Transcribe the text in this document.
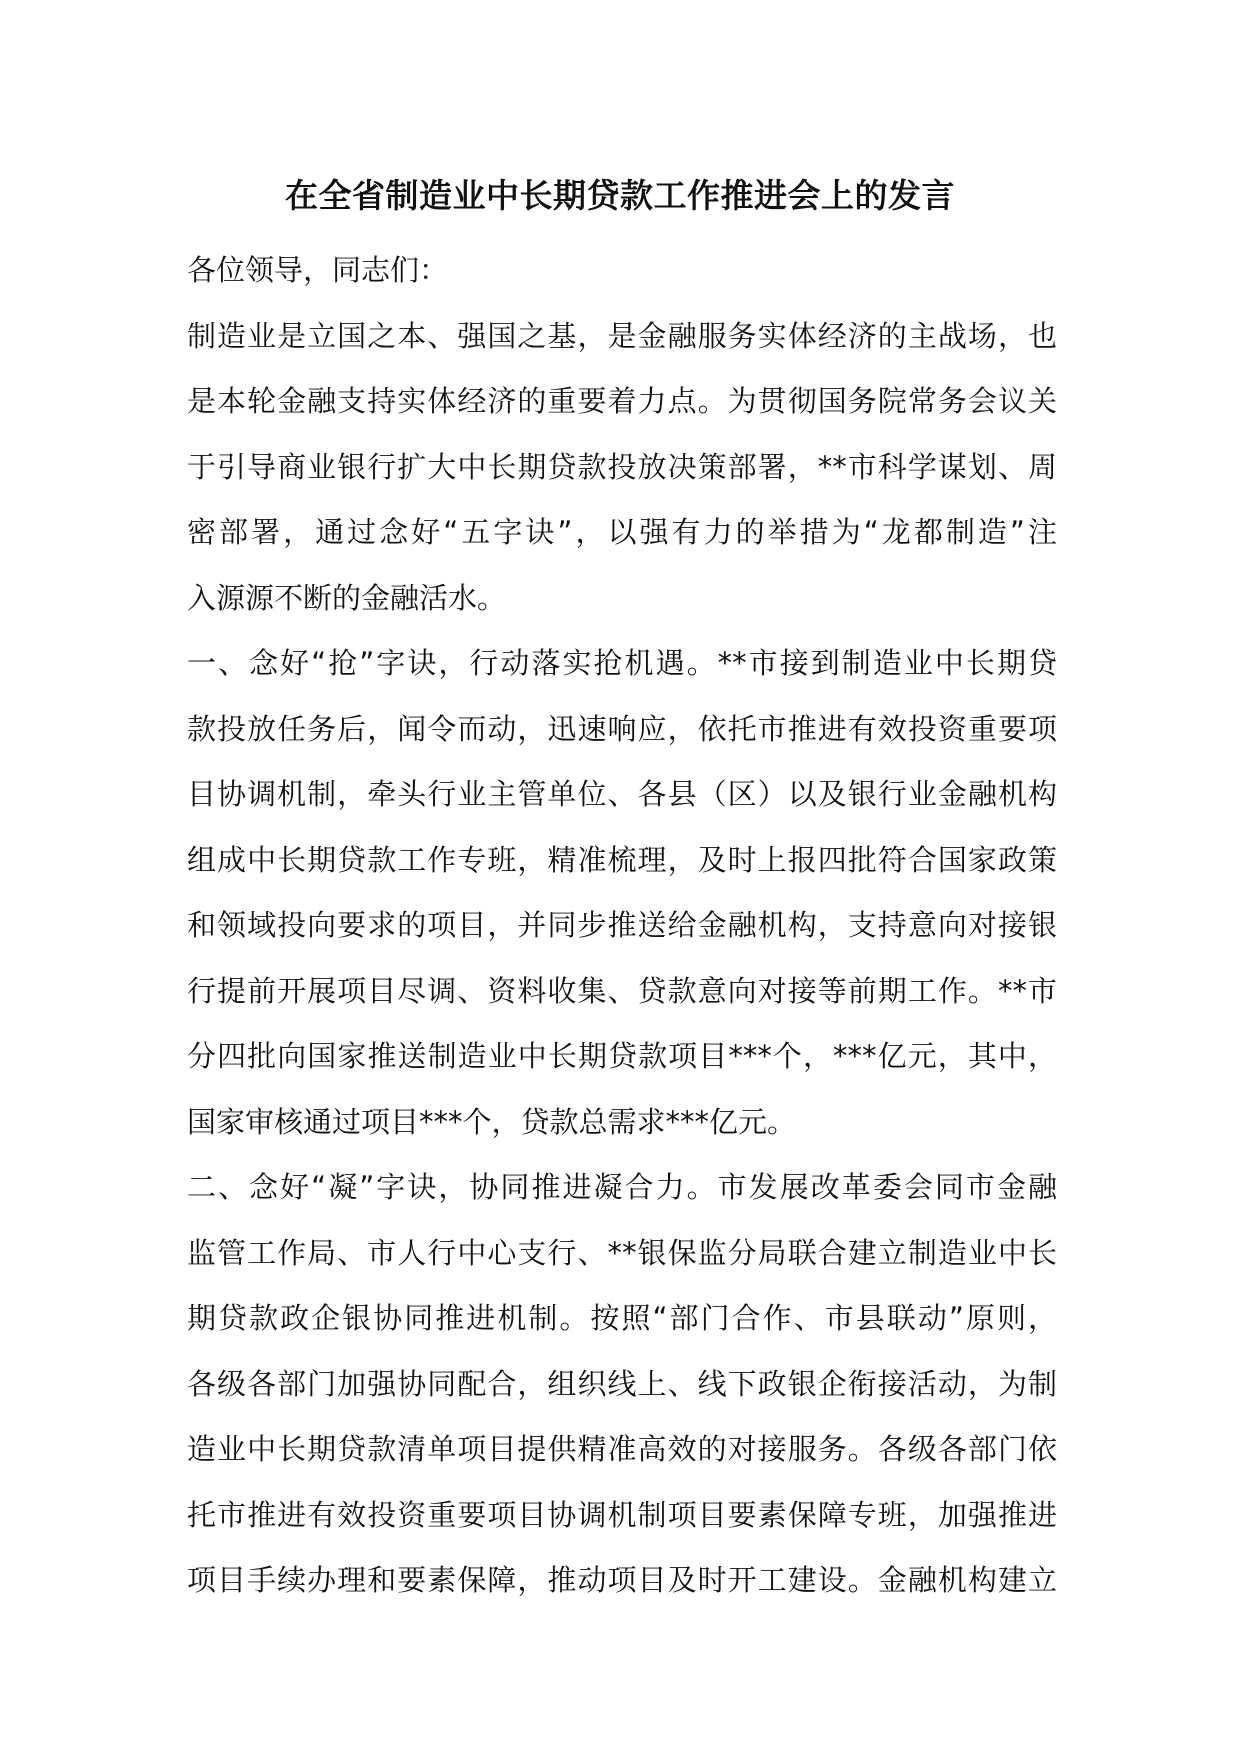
在全省制造业中长期贷款工作推进会上的发言
各位领导，同志们：
制造业是立国之本、强国之基，是金融服务实体经济的主战场，也
是本轮金融支持实体经济的重要着力点。为贯彻国务院常务会议关
于引导商业银行扩大中长期贷款投放决策部署，**市科学谋划、周
密部署，通过念好“五字诀”，以强有力的举措为“龙都制造”注
入源源不断的金融活水。
一、念好“抢”字诀，行动落实抢机遇。**市接到制造业中长期贷
款投放任务后，闻令而动，迅速响应，依托市推进有效投资重要项
目协调机制，牵头行业主管单位、各县（区）以及银行业金融机构
组成中长期贷款工作专班，精准梳理，及时上报四批符合国家政策
和领域投向要求的项目，并同步推送给金融机构，支持意向对接银
行提前开展项目尽调、资料收集、贷款意向对接等前期工作。**市
分四批向国家推送制造业中长期贷款项目***个，***亿元，其中，
国家审核通过项目***个，贷款总需求***亿元。
二、念好“凝”字诀，协同推进凝合力。市发展改革委会同市金融
监管工作局、市人行中心支行、**银保监分局联合建立制造业中长
期贷款政企银协同推进机制。按照“部门合作、市县联动”原则，
各级各部门加强协同配合，组织线上、线下政银企衔接活动，为制
造业中长期贷款清单项目提供精准高效的对接服务。各级各部门依
托市推进有效投资重要项目协调机制项目要素保障专班，加强推进
项目手续办理和要素保障，推动项目及时开工建设。金融机构建立
